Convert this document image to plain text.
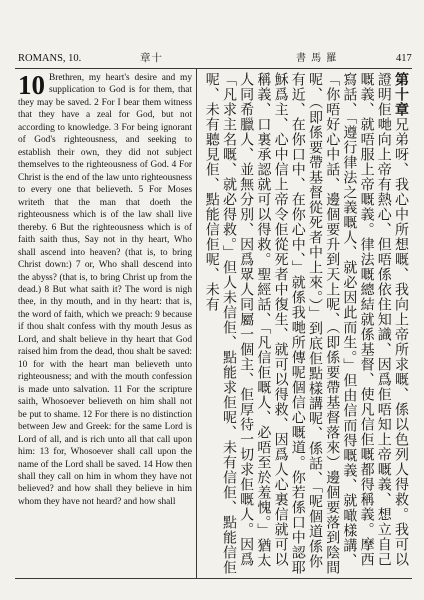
ROMANS, 10.	章十	書 馬 羅	417

10 Brethren, my heart's desire and my supplication to God is for them, that they may be saved. 2 For I bear them witness that they have a zeal for God, but not according to knowledge. 3 For being ignorant of God's righteousness, and seeking to establish their own, they did not subject themselves to the righteousness of God. 4 For Christ is the end of the law unto righteousness to every one that believeth. 5 For Moses writeth that the man that doeth the righteousness which is of the law shall live thereby. 6 But the righteousness which is of faith saith thus, Say not in thy heart, Who shall ascend into heaven? (that is, to bring Christ down:) 7 or, Who shall descend into the abyss? (that is, to bring Christ up from the dead.) 8 But what saith it? The word is nigh thee, in thy mouth, and in thy heart: that is, the word of faith, which we preach: 9 because if thou shalt confess with thy mouth Jesus as Lord, and shalt believe in thy heart that God raised him from the dead, thou shalt be saved: 10 for with the heart man believeth unto righteousness; and with the mouth confession is made unto salvation. 11 For the scripture saith, Whosoever believeth on him shall not be put to shame. 12 For there is no distinction between Jew and Greek: for the same Lord is Lord of all, and is rich unto all that call upon him: 13 for, Whosoever shall call upon the name of the Lord shall be saved. 14 How then shall they call on him in whom they have not believed? and how shall they believe in him whom they have not heard? and how shall

第十章兄弟呀、我心中所想嘅、我向上帝所求嘅、係以色列人得救。我可以證明佢哋向上帝有熱心、但唔係依住知識、因爲佢唔知上帝嘅義、想立自己嘅義、就唔服上帝嘅義。律法嘅總結就係基督、使凡信佢嘅都得稱義。摩西寫話、「遵行律法之義嘅人、就必因此而生。」但由信而得嘅義、就噉樣講、「你唔好心中話、邊個要升到天上呢、（即係要帶基督落來）邊個要落到陰間呢、（即係要帶基督從死者中上來。）」到底佢點樣講呢、係話、「呢個道係你有近、在你口中、在你心中、」就係我哋所傳呢個信心嘅道。你若係口中認耶穌爲主、心中信上帝令佢從死者中復生、就可以得救、因爲人心裏信就可以稱義、口裏承認就可以得救。聖經話、「凡信佢嘅人、必唔至於羞愧。」猶太人同希臘人、並無分別、因爲眾人同屬一個主、佢厚待一切求佢嘅人。因爲「凡求主名嘅、就必得救。」但人未信佢、點能求佢呢、未有信佢、點能信佢呢、未有聽見佢、點能信佢呢、未有
